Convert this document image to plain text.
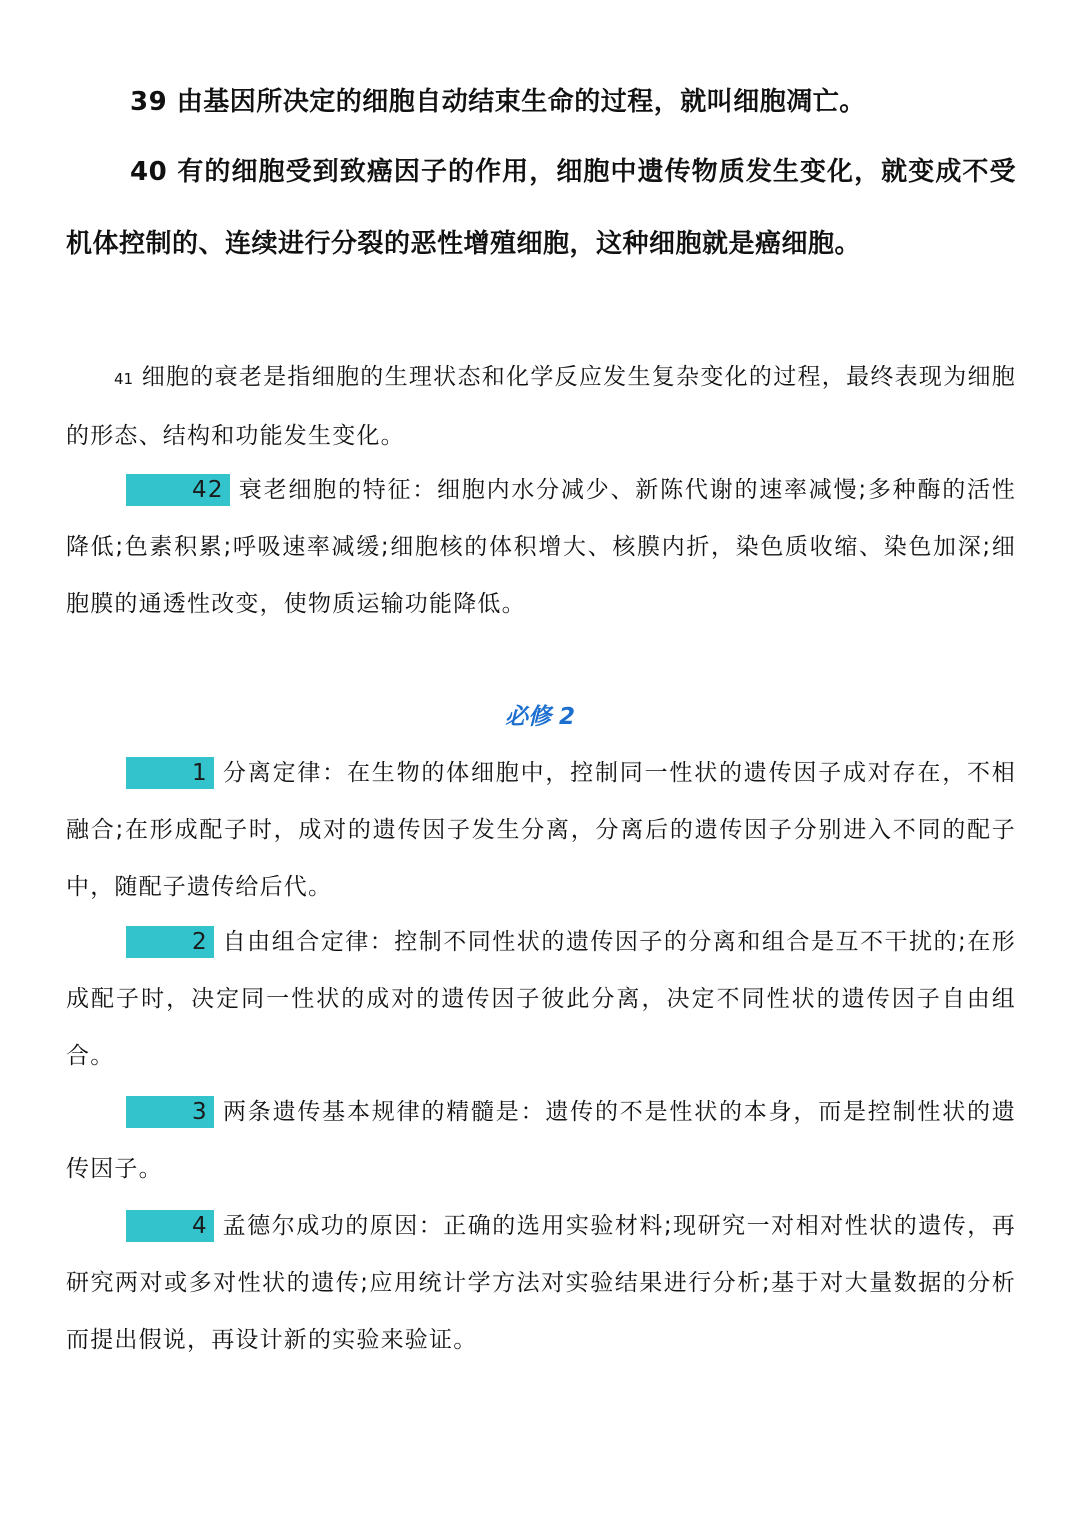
39 由基因所决定的细胞自动结束生命的过程，就叫细胞凋亡。

40 有的细胞受到致癌因子的作用，细胞中遗传物质发生变化，就变成不受机体控制的、连续进行分裂的恶性增殖细胞，这种细胞就是癌细胞。

41 细胞的衰老是指细胞的生理状态和化学反应发生复杂变化的过程，最终表现为细胞的形态、结构和功能发生变化。

42 衰老细胞的特征：细胞内水分减少、新陈代谢的速率减慢;多种酶的活性降低;色素积累;呼吸速率减缓;细胞核的体积增大、核膜内折，染色质收缩、染色加深;细胞膜的通透性改变，使物质运输功能降低。

必修 2

1 分离定律：在生物的体细胞中，控制同一性状的遗传因子成对存在，不相融合;在形成配子时，成对的遗传因子发生分离，分离后的遗传因子分别进入不同的配子中，随配子遗传给后代。

2 自由组合定律：控制不同性状的遗传因子的分离和组合是互不干扰的;在形成配子时，决定同一性状的成对的遗传因子彼此分离，决定不同性状的遗传因子自由组合。

3 两条遗传基本规律的精髓是：遗传的不是性状的本身，而是控制性状的遗传因子。

4 孟德尔成功的原因：正确的选用实验材料;现研究一对相对性状的遗传，再研究两对或多对性状的遗传;应用统计学方法对实验结果进行分析;基于对大量数据的分析而提出假说，再设计新的实验来验证。
